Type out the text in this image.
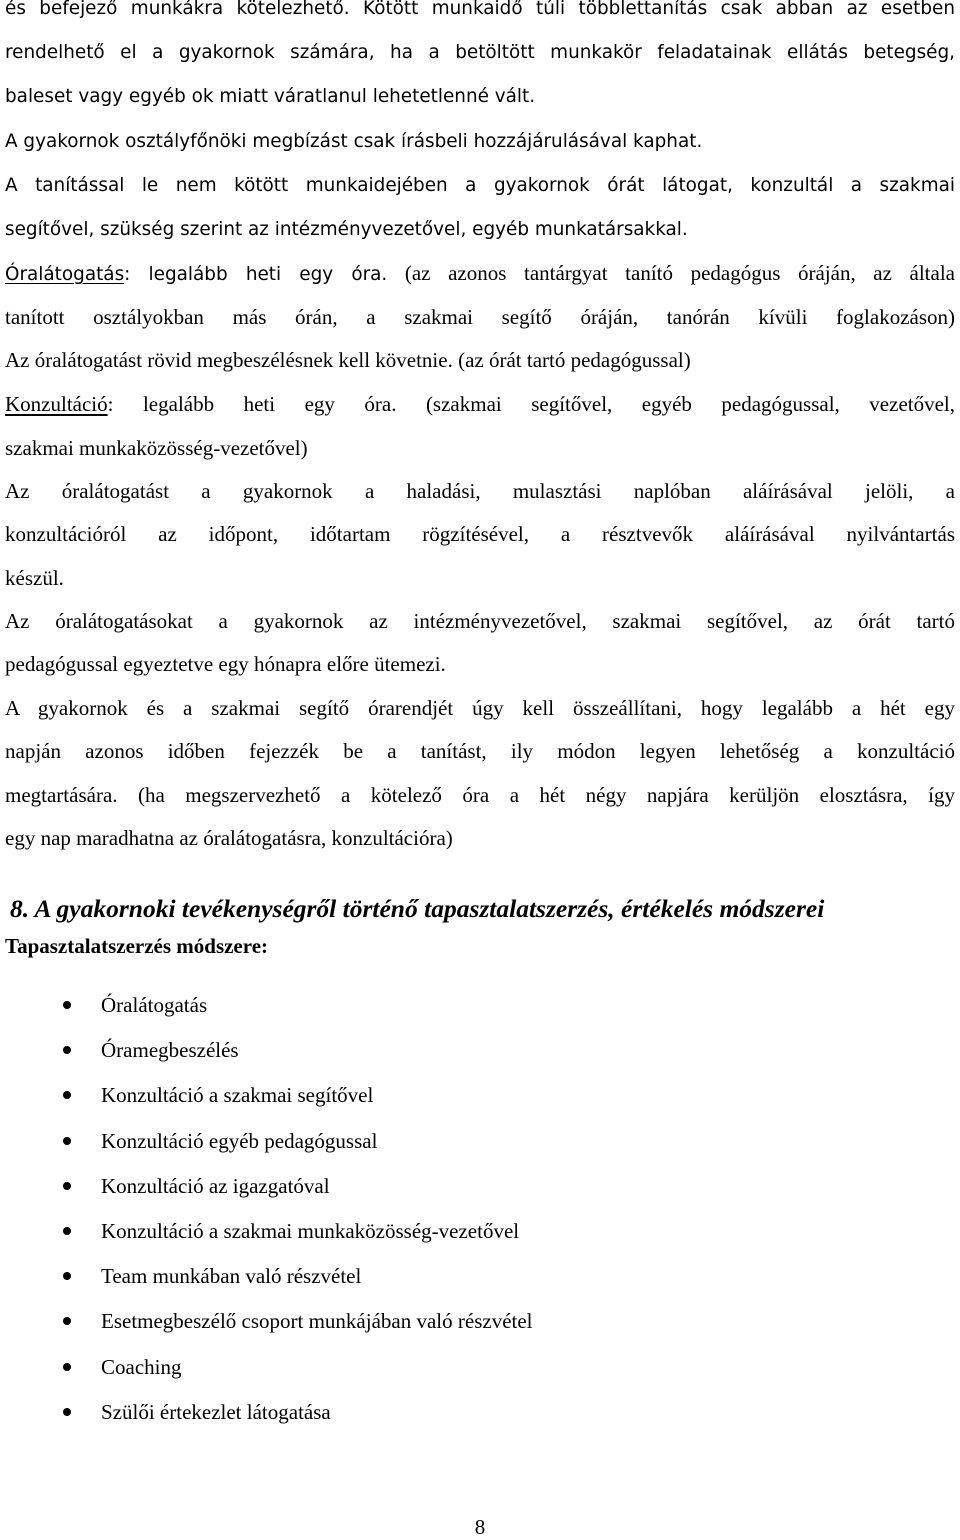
és befejező munkákra kötelezhető. Kötött munkaidő túli többlettanítás csak abban az esetben
rendelhető el a gyakornok számára, ha a betöltött munkakör feladatainak ellátás betegség,
baleset vagy egyéb ok miatt váratlanul lehetetlenné vált.
A gyakornok osztályfőnöki megbízást csak írásbeli hozzájárulásával kaphat.
A tanítással le nem kötött munkaidejében a gyakornok órát látogat, konzultál a szakmai
segítővel, szükség szerint az intézményvezetővel, egyéb munkatársakkal.
Óralátogatás: legalább heti egy óra. (az azonos tantárgyat tanító pedagógus óráján, az általa
tanított osztályokban más órán, a szakmai segítő óráján, tanórán kívüli foglakozáson)
Az óralátogatást rövid megbeszélésnek kell követnie. (az órát tartó pedagógussal)
Konzultáció: legalább heti egy óra. (szakmai segítővel, egyéb pedagógussal, vezetővel,
szakmai munkaközösség-vezetővel)
Az óralátogatást a gyakornok a haladási, mulasztási naplóban aláírásával jelöli, a
konzultációról az időpont, időtartam rögzítésével, a résztvevők aláírásával nyilvántartás
készül.
Az óralátogatásokat a gyakornok az intézményvezetővel, szakmai segítővel, az órát tartó
pedagógussal egyeztetve egy hónapra előre ütemezi.
A gyakornok és a szakmai segítő órarendjét úgy kell összeállítani, hogy legalább a hét egy
napján azonos időben fejezzék be a tanítást, ily módon legyen lehetőség a konzultáció
megtartására. (ha megszervezhető a kötelező óra a hét négy napjára kerüljön elosztásra, így
egy nap maradhatna az óralátogatásra, konzultációra)
8. A gyakornoki tevékenységről történő tapasztalatszerzés, értékelés módszerei
Tapasztalatszerzés módszere:
Óralátogatás
Óramegbeszélés
Konzultáció a szakmai segítővel
Konzultáció egyéb pedagógussal
Konzultáció az igazgatóval
Konzultáció a szakmai munkaközösség-vezetővel
Team munkában való részvétel
Esetmegbeszélő csoport munkájában való részvétel
Coaching
Szülői értekezlet látogatása
8
